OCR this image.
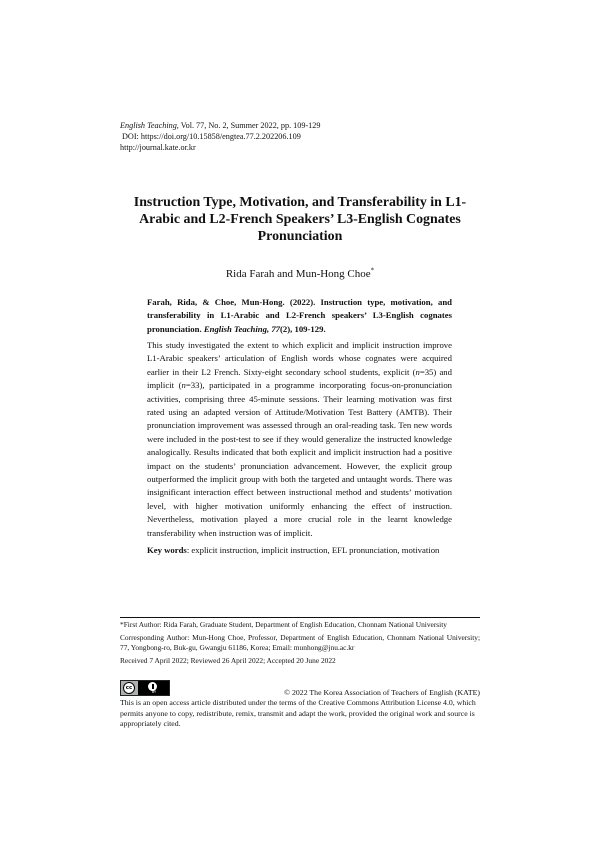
English Teaching, Vol. 77, No. 2, Summer 2022, pp. 109-129
DOI: https://doi.org/10.15858/engtea.77.2.202206.109
http://journal.kate.or.kr
Instruction Type, Motivation, and Transferability in L1-
Arabic and L2-French Speakers’ L3-English Cognates
Pronunciation
Rida Farah and Mun-Hong Choe*
Farah, Rida, & Choe, Mun-Hong. (2022). Instruction type, motivation, and transferability in L1-Arabic and L2-French speakers’ L3-English cognates pronunciation. English Teaching, 77(2), 109-129.
This study investigated the extent to which explicit and implicit instruction improve L1-Arabic speakers’ articulation of English words whose cognates were acquired earlier in their L2 French. Sixty-eight secondary school students, explicit (n=35) and implicit (n=33), participated in a programme incorporating focus-on-pronunciation activities, comprising three 45-minute sessions. Their learning motivation was first rated using an adapted version of Attitude/Motivation Test Battery (AMTB). Their pronunciation improvement was assessed through an oral-reading task. Ten new words were included in the post-test to see if they would generalize the instructed knowledge analogically. Results indicated that both explicit and implicit instruction had a positive impact on the students’ pronunciation advancement. However, the explicit group outperformed the implicit group with both the targeted and untaught words. There was insignificant interaction effect between instructional method and students’ motivation level, with higher motivation uniformly enhancing the effect of instruction. Nevertheless, motivation played a more crucial role in the learnt knowledge transferability when instruction was of implicit.
Key words: explicit instruction, implicit instruction, EFL pronunciation, motivation

*First Author: Rida Farah, Graduate Student, Department of English Education, Chonnam National University

Corresponding Author: Mun-Hong Choe, Professor, Department of English Education, Chonnam National University; 77, Yongbong-ro, Buk-gu, Gwangju 61186, Korea; Email: munhong@jnu.ac.kr

Received 7 April 2022; Reviewed 26 April 2022; Accepted 20 June 2022

cc
BY	© 2022 The Korea Association of Teachers of English (KATE)
This is an open access article distributed under the terms of the Creative Commons Attribution License 4.0, which permits anyone to copy, redistribute, remix, transmit and adapt the work, provided the original work and source is appropriately cited.
